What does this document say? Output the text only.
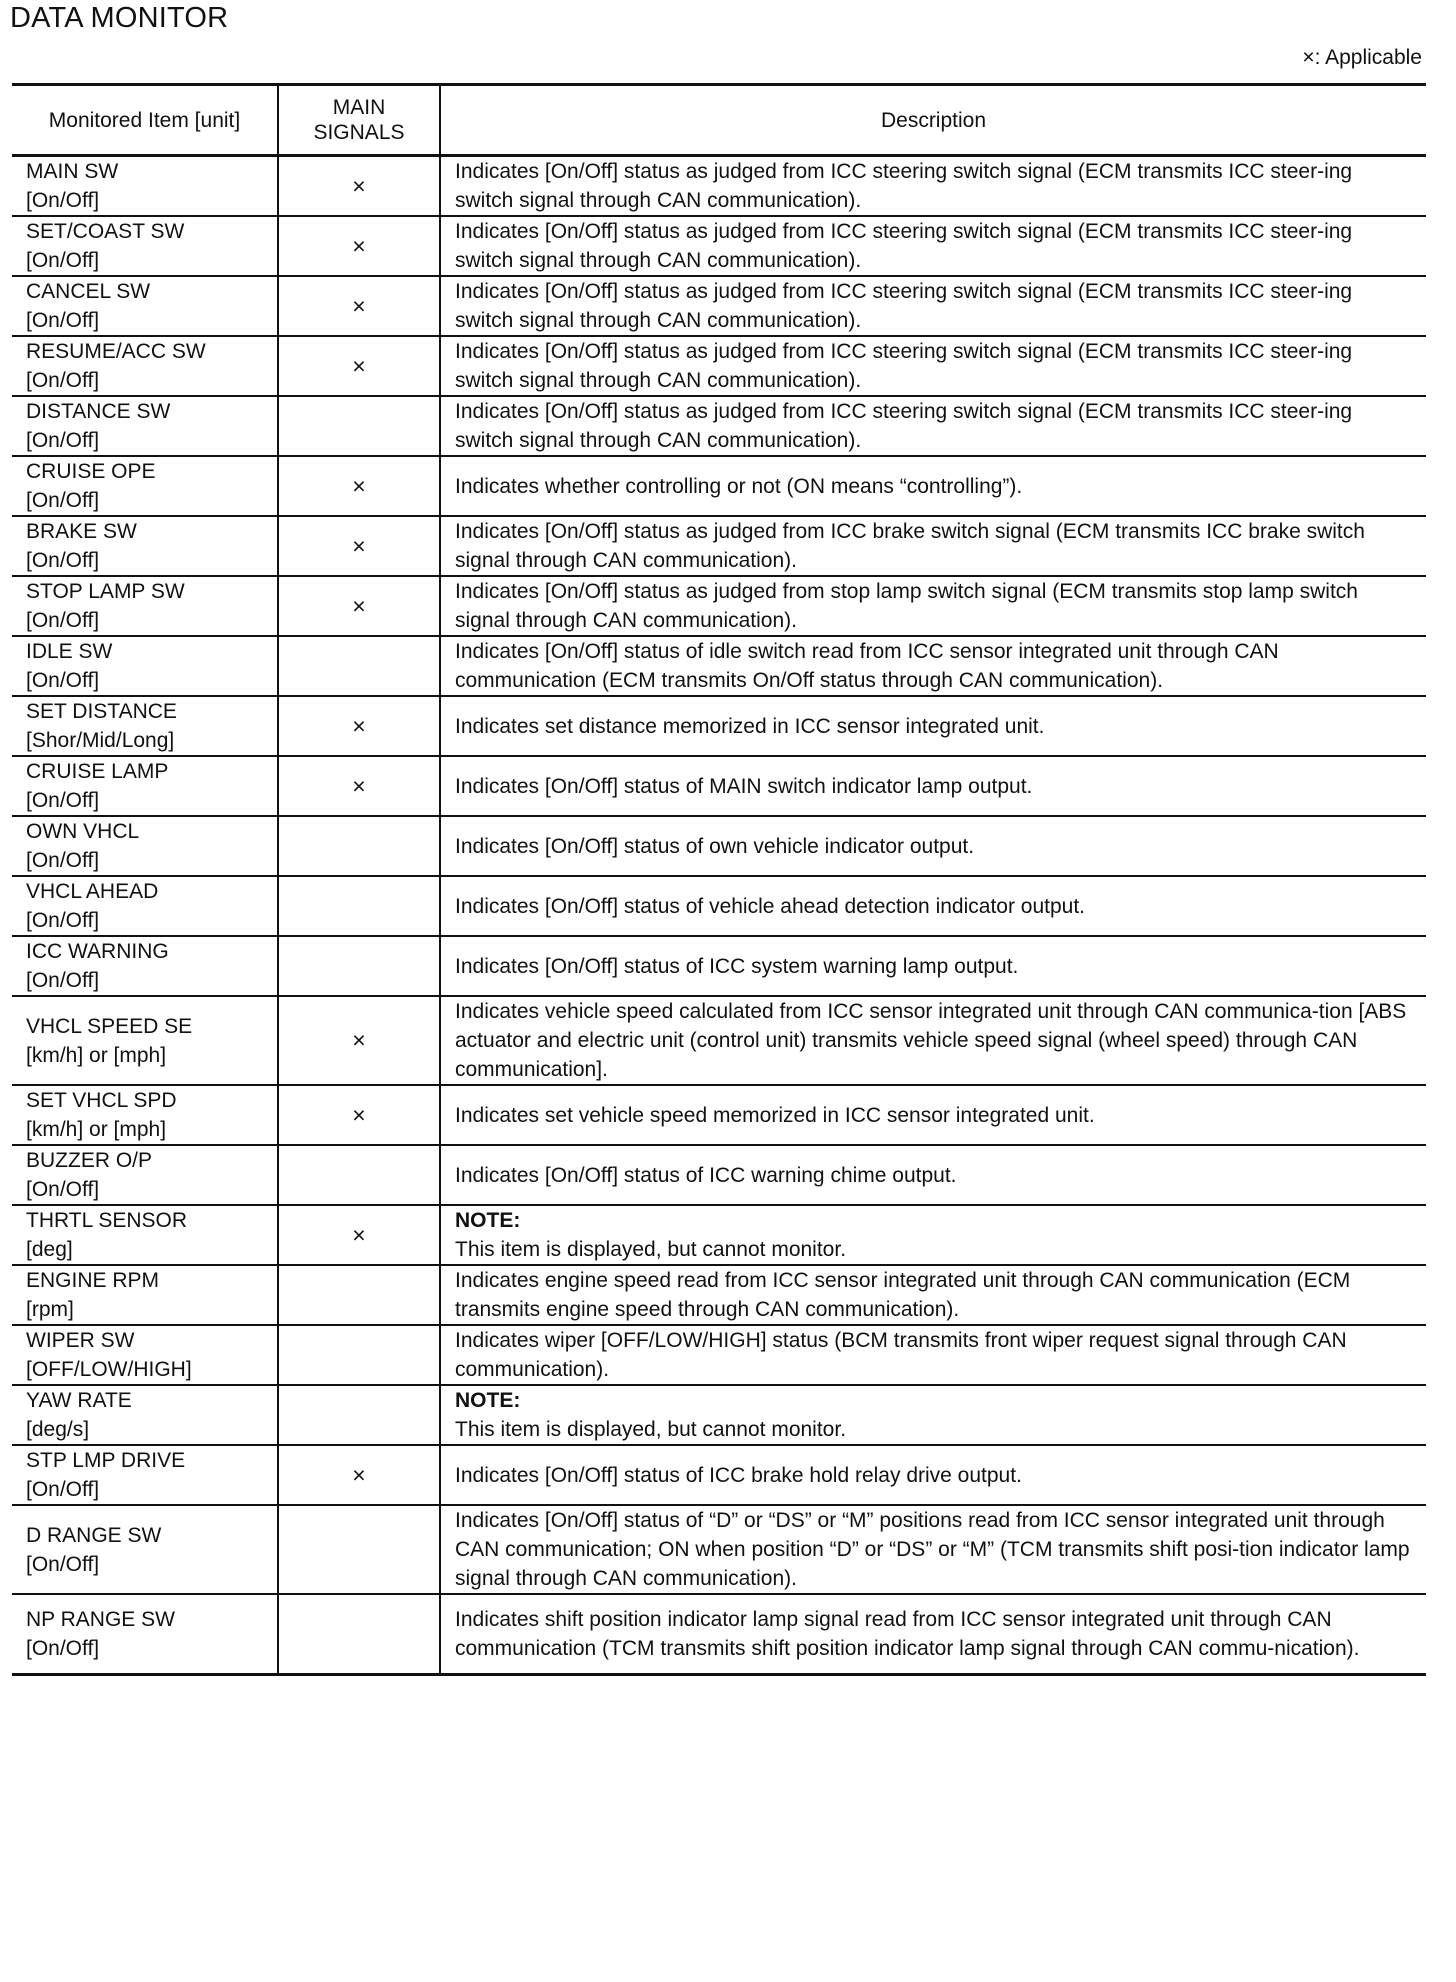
DATA MONITOR
×: Applicable
Monitored Item [unit]	MAIN
SIGNALS	Description

MAIN SW
[On/Off]	×	Indicates [On/Off] status as judged from ICC steering switch signal (ECM transmits ICC steer-ing switch signal through CAN communication).

SET/COAST SW
[On/Off]	×	Indicates [On/Off] status as judged from ICC steering switch signal (ECM transmits ICC steer-ing switch signal through CAN communication).

CANCEL SW
[On/Off]	×	Indicates [On/Off] status as judged from ICC steering switch signal (ECM transmits ICC steer-ing switch signal through CAN communication).

RESUME/ACC SW
[On/Off]	×	Indicates [On/Off] status as judged from ICC steering switch signal (ECM transmits ICC steer-ing switch signal through CAN communication).

DISTANCE SW
[On/Off]		Indicates [On/Off] status as judged from ICC steering switch signal (ECM transmits ICC steer-ing switch signal through CAN communication).

CRUISE OPE
[On/Off]	×	Indicates whether controlling or not (ON means “controlling”).

BRAKE SW
[On/Off]	×	Indicates [On/Off] status as judged from ICC brake switch signal (ECM transmits ICC brake switch signal through CAN communication).

STOP LAMP SW
[On/Off]	×	Indicates [On/Off] status as judged from stop lamp switch signal (ECM transmits stop lamp switch signal through CAN communication).

IDLE SW
[On/Off]		Indicates [On/Off] status of idle switch read from ICC sensor integrated unit through CAN communication (ECM transmits On/Off status through CAN communication).

SET DISTANCE
[Shor/Mid/Long]	×	Indicates set distance memorized in ICC sensor integrated unit.

CRUISE LAMP
[On/Off]	×	Indicates [On/Off] status of MAIN switch indicator lamp output.

OWN VHCL
[On/Off]		Indicates [On/Off] status of own vehicle indicator output.

VHCL AHEAD
[On/Off]		Indicates [On/Off] status of vehicle ahead detection indicator output.

ICC WARNING
[On/Off]		Indicates [On/Off] status of ICC system warning lamp output.

VHCL SPEED SE
[km/h] or [mph]	×	Indicates vehicle speed calculated from ICC sensor integrated unit through CAN communica-tion [ABS actuator and electric unit (control unit) transmits vehicle speed signal (wheel speed) through CAN communication].

SET VHCL SPD
[km/h] or [mph]	×	Indicates set vehicle speed memorized in ICC sensor integrated unit.

BUZZER O/P
[On/Off]		Indicates [On/Off] status of ICC warning chime output.

THRTL SENSOR
[deg]	×	NOTE:
This item is displayed, but cannot monitor.

ENGINE RPM
[rpm]		Indicates engine speed read from ICC sensor integrated unit through CAN communication (ECM transmits engine speed through CAN communication).

WIPER SW
[OFF/LOW/HIGH]		Indicates wiper [OFF/LOW/HIGH] status (BCM transmits front wiper request signal through CAN communication).

YAW RATE
[deg/s]		NOTE:
This item is displayed, but cannot monitor.

STP LMP DRIVE
[On/Off]	×	Indicates [On/Off] status of ICC brake hold relay drive output.

D RANGE SW
[On/Off]		Indicates [On/Off] status of “D” or “DS” or “M” positions read from ICC sensor integrated unit through CAN communication; ON when position “D” or “DS” or “M” (TCM transmits shift posi-tion indicator lamp signal through CAN communication).

NP RANGE SW
[On/Off]		Indicates shift position indicator lamp signal read from ICC sensor integrated unit through CAN communication (TCM transmits shift position indicator lamp signal through CAN commu-nication).
